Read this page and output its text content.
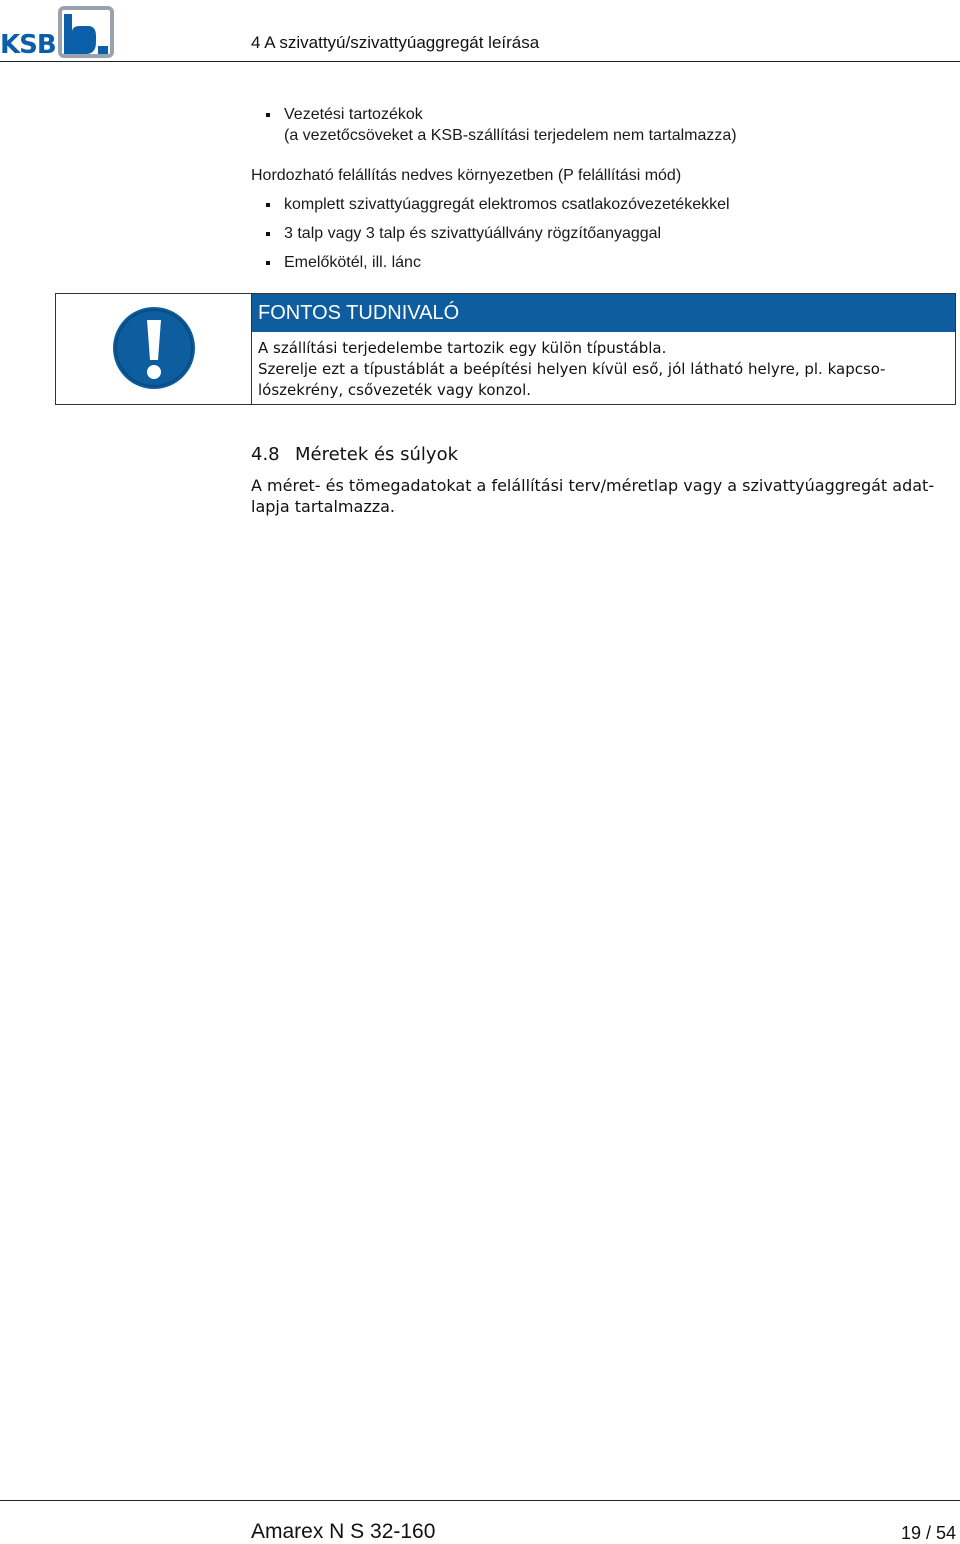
KSB	4 A szivattyú/szivattyúaggregát leírása
Vezetési tartozékok
(a vezetőcsöveket a KSB-szállítási terjedelem nem tartalmazza)
Hordozható felállítás nedves környezetben (P felállítási mód)
komplett szivattyúaggregát elektromos csatlakozóvezetékekkel
3 talp vagy 3 talp és szivattyúállvány rögzítőanyaggal
Emelőkötél, ill. lánc
FONTOS TUDNIVALÓ

A szállítási terjedelembe tartozik egy külön típustábla.

Szerelje ezt a típustáblát a beépítési helyen kívül eső, jól látható helyre, pl. kapcsolószekrény, csővezeték vagy konzol.

4.8 Méretek és súlyok
A méret- és tömegadatokat a felállítási terv/méretlap vagy a szivattyúaggregát adatlapja tartalmazza.
Amarex N S 32-160	19 / 54
